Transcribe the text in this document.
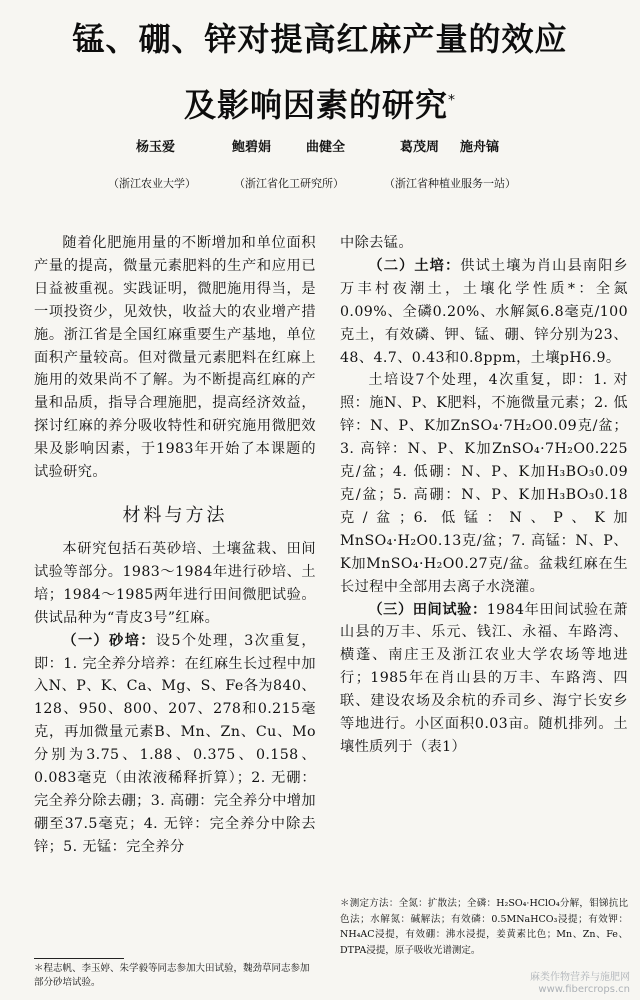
锰、硼、锌对提高红麻产量的效应
及影响因素的研究*
杨玉爱	鲍碧娟	曲健全	葛茂周 施舟镐
（浙江农业大学）	（浙江省化工研究所）	（浙江省种植业服务一站）

随着化肥施用量的不断增加和单位面积产量的提高，微量元素肥料的生产和应用已日益被重视。实践证明，微肥施用得当，是一项投资少，见效快，收益大的农业增产措施。浙江省是全国红麻重要生产基地，单位面积产量较高。但对微量元素肥料在红麻上施用的效果尚不了解。为不断提高红麻的产量和品质，指导合理施肥，提高经济效益，探讨红麻的养分吸收特性和研究施用微肥效果及影响因素，于1983年开始了本课题的试验研究。

材料与方法

本研究包括石英砂培、土壤盆栽、田间试验等部分。1983～1984年进行砂培、土培；1984～1985两年进行田间微肥试验。供试品种为“青皮3号”红麻。

（一）砂培：设5个处理，3次重复，即：1. 完全养分培养：在红麻生长过程中加入N、P、K、Ca、Mg、S、Fe各为840、128、950、800、207、278和0.215毫克，再加微量元素B、Mn、Zn、Cu、Mo分别为3.75、1.88、0.375、0.158、0.083毫克（由浓液稀释折算）；2. 无硼：完全养分除去硼；3. 高硼：完全养分中增加硼至37.5毫克；4. 无锌：完全养分中除去锌；5. 无锰：完全养分

中除去锰。

（二）土培：供试土壤为肖山县南阳乡万丰村夜潮土，土壤化学性质*：全氮0.09%、全磷0.20%、水解氮6.8毫克/100克土，有效磷、钾、锰、硼、锌分别为23、48、4.7、0.43和0.8ppm，土壤pH6.9。

土培设7个处理，4次重复，即：1. 对照：施N、P、K肥料，不施微量元素；2. 低锌：N、P、K加ZnSO₄·7H₂O0.09克/盆；3. 高锌：N、P、K加ZnSO₄·7H₂O0.225克/盆；4. 低硼：N、P、K加H₃BO₃0.09克/盆；5. 高硼：N、P、K加H₃BO₃0.18克/盆；6. 低锰：N、P、K加MnSO₄·H₂O0.13克/盆；7. 高锰：N、P、K加MnSO₄·H₂O0.27克/盆。盆栽红麻在生长过程中全部用去离子水浇灌。

（三）田间试验：1984年田间试验在萧山县的万丰、乐元、钱江、永福、车路湾、横蓬、南庄王及浙江农业大学农场等地进行；1985年在肖山县的万丰、车路湾、四联、建设农场及余杭的乔司乡、海宁长安乡等地进行。小区面积0.03亩。随机排列。土壤性质列于（表1）

＊程志帆、李玉婷、朱学毅等同志参加大田试验，魏劲草同志参加部分砂培试验。
＊测定方法：全氮：扩散法；全磷：H₂SO₄·HClO₄分解，钼锑抗比色法；水解氮：碱解法；有效磷：0.5MNaHCO₃浸提；有效钾：NH₄AC浸提，有效硼：沸水浸提，姜黄素比色；Mn、Zn、Fe、DTPA浸提，原子吸收光谱测定。
麻类作物营养与施肥网
www.fibercrops.cn
